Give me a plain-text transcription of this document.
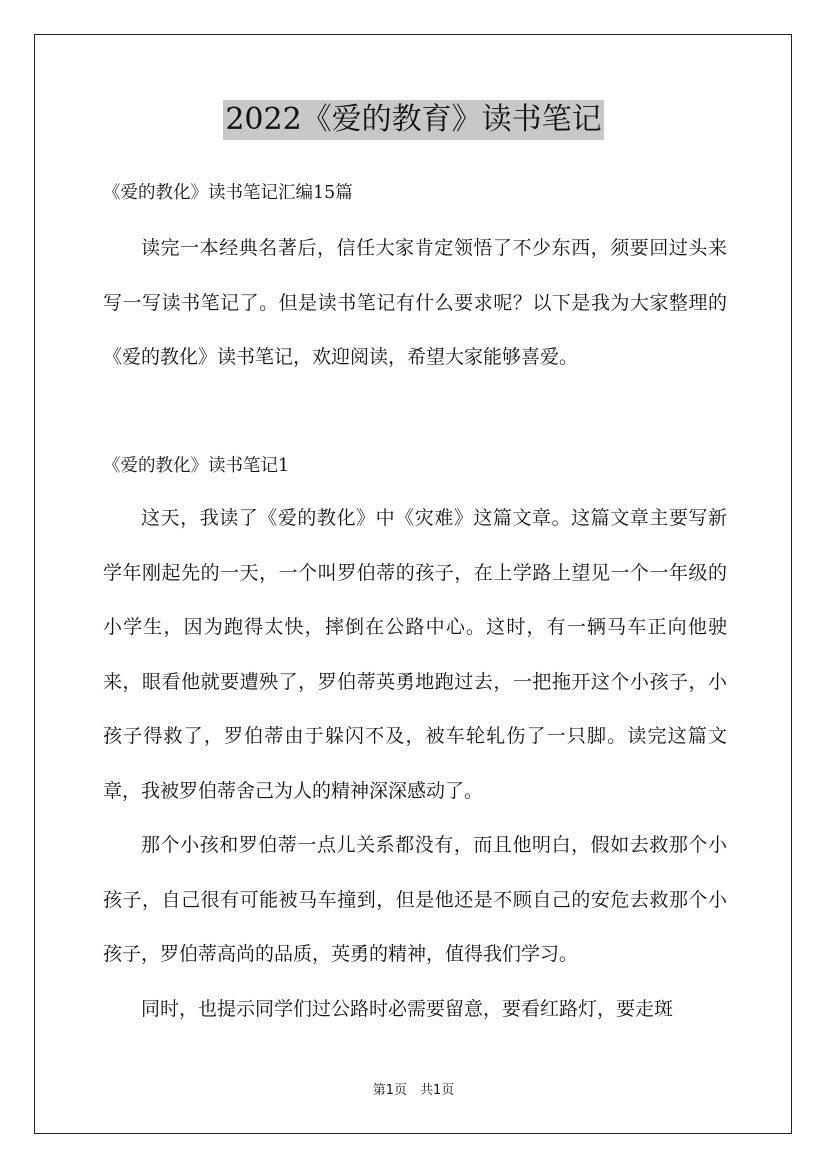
2022《爱的教育》读书笔记
《爱的教化》读书笔记汇编15篇

读完一本经典名著后，信任大家肯定领悟了不少东西，须要回过头来写一写读书笔记了。但是读书笔记有什么要求呢？以下是我为大家整理的《爱的教化》读书笔记，欢迎阅读，希望大家能够喜爱。

《爱的教化》读书笔记1

这天，我读了《爱的教化》中《灾难》这篇文章。这篇文章主要写新学年刚起先的一天，一个叫罗伯蒂的孩子，在上学路上望见一个一年级的小学生，因为跑得太快，摔倒在公路中心。这时，有一辆马车正向他驶来，眼看他就要遭殃了，罗伯蒂英勇地跑过去，一把拖开这个小孩子，小孩子得救了，罗伯蒂由于躲闪不及，被车轮轧伤了一只脚。读完这篇文章，我被罗伯蒂舍己为人的精神深深感动了。

那个小孩和罗伯蒂一点儿关系都没有，而且他明白，假如去救那个小孩子，自己很有可能被马车撞到，但是他还是不顾自己的安危去救那个小孩子，罗伯蒂高尚的品质，英勇的精神，值得我们学习。

同时，也提示同学们过公路时必需要留意，要看红路灯，要走斑

第1页　共1页
